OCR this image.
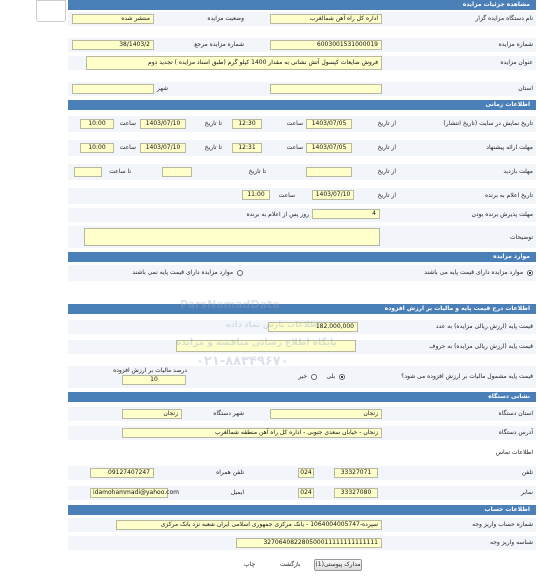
مشاهده جزئیات مزایده
نام دستگاه مزایده گزار
اداره کل راه آهن شمالغرب
وضعیت مزایده
منتشر شده
شماره مزایده
6003001531000019
شماره مزایده مرجع
38/1403/2
عنوان مزایده
فروش ضایعات کپسول آتش نشانی به مقدار 1400 کیلو گرم (طبق اسناد مزایده ) تجدید دوم
استان
شهر
اطلاعات زمانی
تاریخ نمایش در سایت (تاریخ انتشار)
از تاریخ
1403/07/05
ساعت
12:30
تا تاریخ
1403/07/10
ساعت
10:00
مهلت ارائه پیشنهاد
از تاریخ
1403/07/05
ساعت
12:31
تا تاریخ
1403/07/10
ساعت
10:00
مهلت بازدید
از تاریخ
تا تاریخ
تا ساعت
تاریخ اعلام به برنده
از تاریخ
1403/07/10
ساعت
11:00
مهلت پذیرش برنده بودن
4
روز پس از اعلام به برنده
توضیحات
موارد مزایده
موارد مزایده دارای قیمت پایه می باشند
موارد مزایده دارای قیمت پایه نمی باشند
اطلاعات درج قیمت پایه و مالیات بر ارزش افزوده
قیمت پایه (ارزش ریالی مزایده) به عدد
182,000,000
قیمت پایه (ارزش ریالی مزایده) به حروف
قیمت پایه مشمول مالیات بر ارزش افزوده می شود؟
بلی
خیر
درصد مالیات بر ارزش افزوده
10
نشانی دستگاه
استان دستگاه
زنجان
شهر دستگاه
زنجان
آدرس دستگاه
زنجان - خیابان سعدی جنوبی - اداره کل راه آهن منطقه شمالغرب
اطلاعات تماس
تلفن
33327071
024
تلفن همراه
09127407247
نمابر
33327080
024
ایمیل
idamohammadi@yahoo.com
اطلاعات حساب
شماره حساب واریز وجه
سپرده-1064004005747 - بانک مرکزی جمهوری اسلامی ایران شعبه نزد بانک مرکزی
شناسه واریز وجه
327064082280500011111111111111
مدارک پیوستی(1)
بازگشت
چاپ
ParsNamadData
اطلاعات پارس نماد داده
پایگاه اطلاع رسانی مناقصه و مزایده
۰۲۱-۸۸۳۴۹۶۷۰
